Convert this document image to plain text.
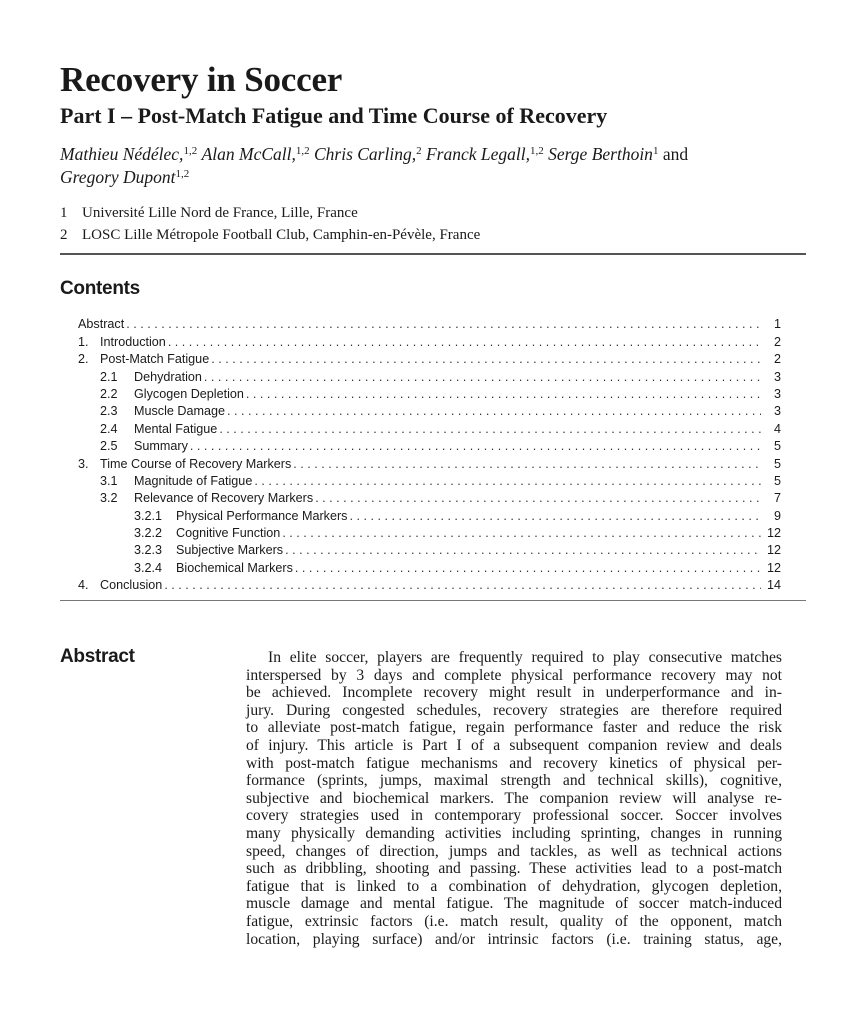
Recovery in Soccer
Part I – Post-Match Fatigue and Time Course of Recovery
Mathieu Nédélec,$^{1,2}$ Alan McCall,$^{1,2}$ Chris Carling,$^2$ Franck Legall,$^{1,2}$ Serge Berthoin$^1$ and
Gregory Dupont$^{1,2}$
1 Université Lille Nord de France, Lille, France
2 LOSC Lille Métropole Football Club, Camphin-en-Pévèle, France
Contents
Abstract . . .	1
1. Introduction . . .	2
2. Post-Match Fatigue . . .	2
2.1	Dehydration . . .	3
2.2	Glycogen Depletion . . .	3
2.3	Muscle Damage . . .	3
2.4	Mental Fatigue . . .	4
2.5	Summary . . .	5
3. Time Course of Recovery Markers . . .	5
3.1	Magnitude of Fatigue . . .	5
3.2	Relevance of Recovery Markers . . .	7
3.2.1	Physical Performance Markers . . .	9
3.2.2	Cognitive Function . . .	12
3.2.3	Subjective Markers . . .	12
3.2.4	Biochemical Markers . . .	12
4. Conclusion . . .	14
Abstract	In elite soccer, players are frequently required to play consecutive matches
interspersed by 3 days and complete physical performance recovery may not
be achieved. Incomplete recovery might result in underperformance and in-
jury. During congested schedules, recovery strategies are therefore required
to alleviate post-match fatigue, regain performance faster and reduce the risk
of injury. This article is Part I of a subsequent companion review and deals
with post-match fatigue mechanisms and recovery kinetics of physical per-
formance (sprints, jumps, maximal strength and technical skills), cognitive,
subjective and biochemical markers. The companion review will analyse re-
covery strategies used in contemporary professional soccer. Soccer involves
many physically demanding activities including sprinting, changes in running
speed, changes of direction, jumps and tackles, as well as technical actions
such as dribbling, shooting and passing. These activities lead to a post-match
fatigue that is linked to a combination of dehydration, glycogen depletion,
muscle damage and mental fatigue. The magnitude of soccer match-induced
fatigue, extrinsic factors (i.e. match result, quality of the opponent, match
location, playing surface) and/or intrinsic factors (i.e. training status, age,
